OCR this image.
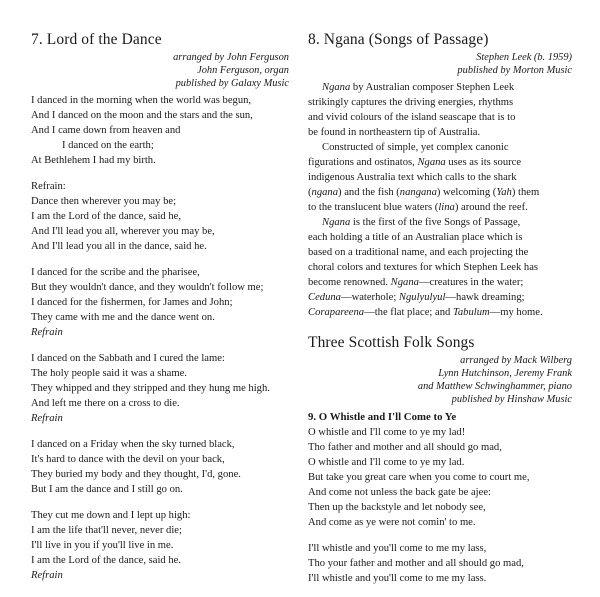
7. Lord of the Dance
arranged by John Ferguson
John Ferguson, organ
published by Galaxy Music
I danced in the morning when the world was begun,
And I danced on the moon and the stars and the sun,
And I came down from heaven and
I danced on the earth;
At Bethlehem I had my birth.
Refrain:
Dance then wherever you may be;
I am the Lord of the dance, said he,
And I'll lead you all, wherever you may be,
And I'll lead you all in the dance, said he.
I danced for the scribe and the pharisee,
But they wouldn't dance, and they wouldn't follow me;
I danced for the fishermen, for James and John;
They came with me and the dance went on.
Refrain
I danced on the Sabbath and I cured the lame:
The holy people said it was a shame.
They whipped and they stripped and they hung me high.
And left me there on a cross to die.
Refrain
I danced on a Friday when the sky turned black,
It's hard to dance with the devil on your back,
They buried my body and they thought, I'd, gone.
But I am the dance and I still go on.
They cut me down and I lept up high:
I am the life that'll never, never die;
I'll live in you if you'll live in me.
I am the Lord of the dance, said he.
Refrain
8. Ngana (Songs of Passage)
Stephen Leek (b. 1959)
published by Morton Music
Ngana by Australian composer Stephen Leek
strikingly captures the driving energies, rhythms
and vivid colours of the island seascape that is to
be found in northeastern tip of Australia.
Constructed of simple, yet complex canonic
figurations and ostinatos, Ngana uses as its source
indigenous Australia text which calls to the shark
(ngana) and the fish (nangana) welcoming (Yah) them
to the translucent blue waters (lina) around the reef.
Ngana is the first of the five Songs of Passage,
each holding a title of an Australian place which is
based on a traditional name, and each projecting the
choral colors and textures for which Stephen Leek has
become renowned. Ngana—creatures in the water;
Ceduna—waterhole; Ngulyulyul—hawk dreaming;
Corapareena—the flat place; and Tabulum—my home.
Three Scottish Folk Songs
arranged by Mack Wilberg
Lynn Hutchinson, Jeremy Frank
and Matthew Schwinghammer, piano
published by Hinshaw Music
9. O Whistle and I'll Come to Ye
O whistle and I'll come to ye my lad!
Tho father and mother and all should go mad,
O whistle and I'll come to ye my lad.
But take you great care when you come to court me,
And come not unless the back gate be ajee:
Then up the backstyle and let nobody see,
And come as ye were not comin' to me.
I'll whistle and you'll come to me my lass,
Tho your father and mother and all should go mad,
I'll whistle and you'll come to me my lass.
